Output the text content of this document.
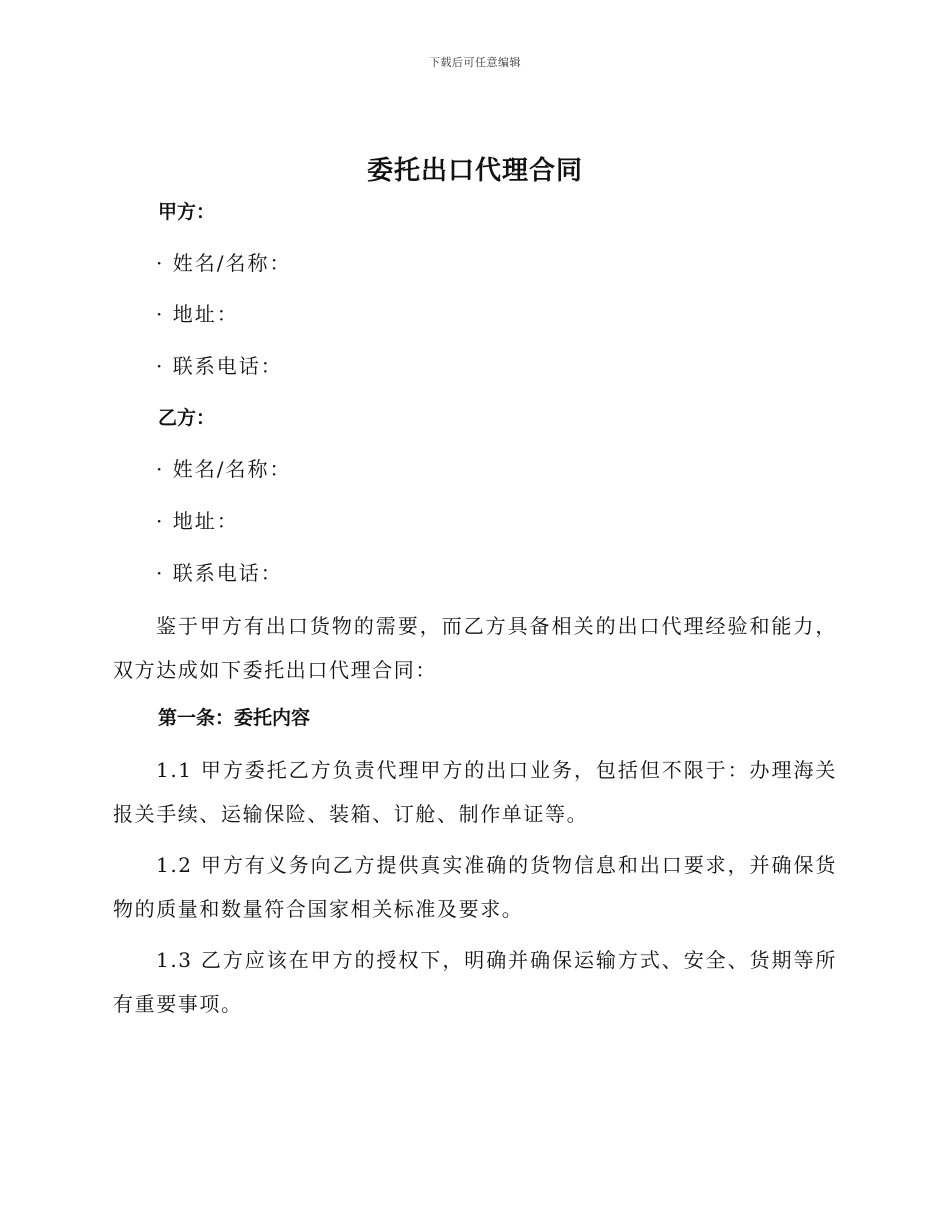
下载后可任意编辑
委托出口代理合同
甲方：
· 姓名/名称：
· 地址：
· 联系电话：
乙方：
· 姓名/名称：
· 地址：
· 联系电话：

鉴于甲方有出口货物的需要，而乙方具备相关的出口代理经验和能力，双方达成如下委托出口代理合同：

第一条：委托内容

1.1 甲方委托乙方负责代理甲方的出口业务，包括但不限于：办理海关报关手续、运输保险、装箱、订舱、制作单证等。

1.2 甲方有义务向乙方提供真实准确的货物信息和出口要求，并确保货物的质量和数量符合国家相关标准及要求。

1.3 乙方应该在甲方的授权下，明确并确保运输方式、安全、货期等所有重要事项。
